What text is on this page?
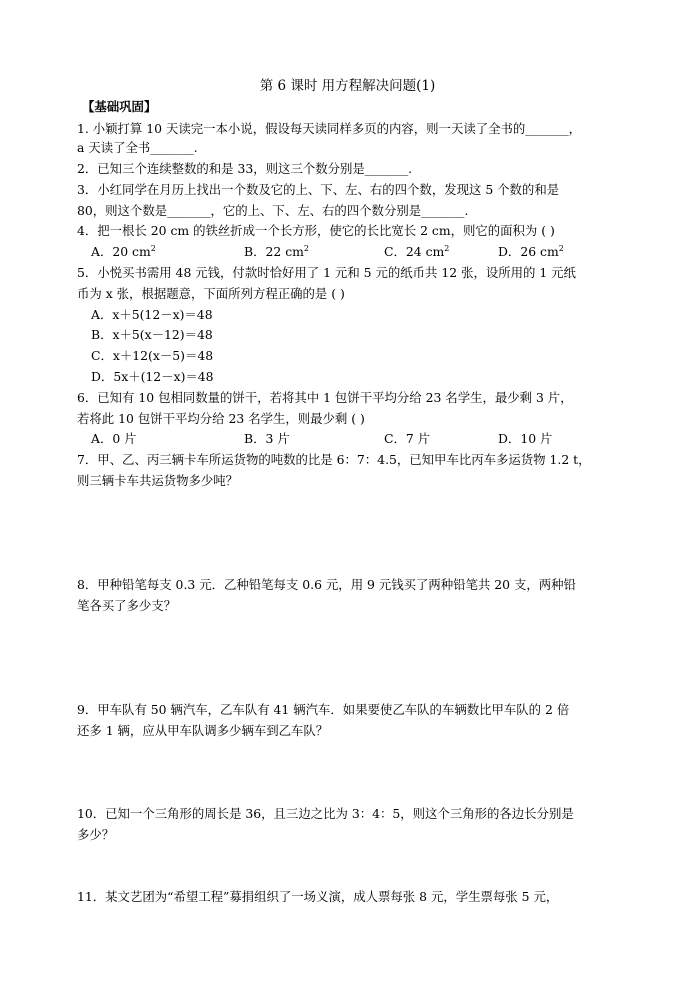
第 6 课时 用方程解决问题(1)
【基础巩固】
1. 小颖打算 10 天读完一本小说，假设每天读同样多页的内容，则一天读了全书的_______，
a 天读了全书_______.
2．已知三个连续整数的和是 33，则这三个数分别是_______.
3．小红同学在月历上找出一个数及它的上、下、左、右的四个数，发现这 5 个数的和是
80，则这个数是_______，它的上、下、左、右的四个数分别是_______.
4．把一根长 20 cm 的铁丝折成一个长方形，使它的长比宽长 2 cm，则它的面积为 ( )
A．20 $cm^2$	B．22 $cm^2$	C．24 $cm^2$	D．26 $cm^2$
5．小悦买书需用 48 元钱，付款时恰好用了 1 元和 5 元的纸币共 12 张，设所用的 1 元纸
币为 x 张，根据题意，下面所列方程正确的是 ( )
A．x＋5(12－x)＝48
B．x＋5(x－12)＝48
C．x＋12(x－5)＝48
D．5x＋(12－x)＝48
6．已知有 10 包相同数量的饼干，若将其中 1 包饼干平均分给 23 名学生，最少剩 3 片，
若将此 10 包饼干平均分给 23 名学生，则最少剩 ( )
A．0 片	B．3 片	C．7 片	D．10 片
7．甲、乙、丙三辆卡车所运货物的吨数的比是 6：7：4.5，已知甲车比丙车多运货物 1.2 t，
则三辆卡车共运货物多少吨？
8．甲种铅笔每支 0.3 元．乙种铅笔每支 0.6 元，用 9 元钱买了两种铅笔共 20 支，两种铅
笔各买了多少支？
9．甲车队有 50 辆汽车，乙车队有 41 辆汽车．如果要使乙车队的车辆数比甲车队的 2 倍
还多 1 辆，应从甲车队调多少辆车到乙车队？
10．已知一个三角形的周长是 36，且三边之比为 3：4：5，则这个三角形的各边长分别是
多少？
11．某文艺团为“希望工程”募捐组织了一场义演，成人票每张 8 元，学生票每张 5 元，
